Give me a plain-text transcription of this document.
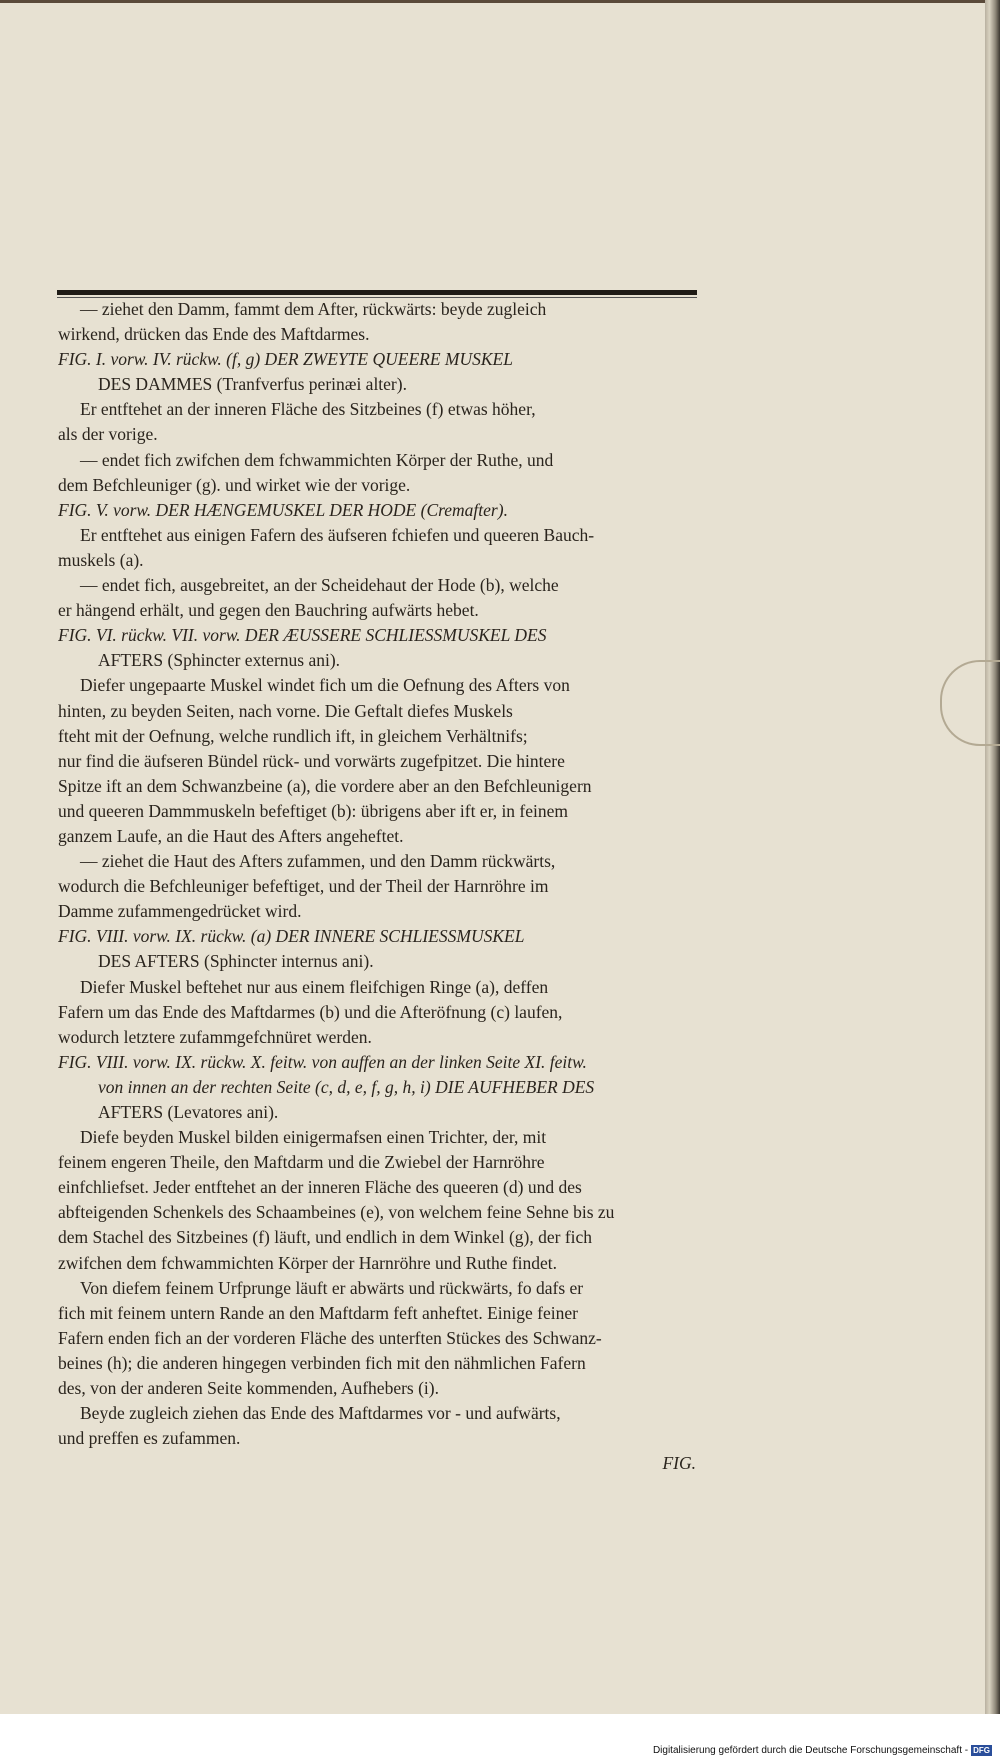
— ziehet den Damm, fammt dem After, rückwärts: beyde zugleich
wirkend, drücken das Ende des Maftdarmes.
FIG. I. vorw. IV. rückw. (f, g) DER ZWEYTE QUEERE MUSKEL
DES DAMMES (Tranfverfus perinæi alter).
Er entftehet an der inneren Fläche des Sitzbeines (f) etwas höher,
als der vorige.
— endet fich zwifchen dem fchwammichten Körper der Ruthe, und
dem Befchleuniger (g). und wirket wie der vorige.
FIG. V. vorw. DER HÆNGEMUSKEL DER HODE (Cremafter).
Er entftehet aus einigen Fafern des äufseren fchiefen und queeren Bauch-
muskels (a).
— endet fich, ausgebreitet, an der Scheidehaut der Hode (b), welche
er hängend erhält, und gegen den Bauchring aufwärts hebet.
FIG. VI. rückw. VII. vorw. DER ÆUSSERE SCHLIESSMUSKEL DES
AFTERS (Sphincter externus ani).
Diefer ungepaarte Muskel windet fich um die Oefnung des Afters von
hinten, zu beyden Seiten, nach vorne. Die Geftalt diefes Muskels
fteht mit der Oefnung, welche rundlich ift, in gleichem Verhältnifs;
nur find die äufseren Bündel rück- und vorwärts zugefpitzet. Die hintere
Spitze ift an dem Schwanzbeine (a), die vordere aber an den Befchleunigern
und queeren Dammmuskeln befeftiget (b): übrigens aber ift er, in feinem
ganzem Laufe, an die Haut des Afters angeheftet.
— ziehet die Haut des Afters zufammen, und den Damm rückwärts,
wodurch die Befchleuniger befeftiget, und der Theil der Harnröhre im
Damme zufammengedrücket wird.
FIG. VIII. vorw. IX. rückw. (a) DER INNERE SCHLIESSMUSKEL
DES AFTERS (Sphincter internus ani).
Diefer Muskel beftehet nur aus einem fleifchigen Ringe (a), deffen
Fafern um das Ende des Maftdarmes (b) und die Afteröfnung (c) laufen,
wodurch letztere zufammgefchnüret werden.
FIG. VIII. vorw. IX. rückw. X. feitw. von auffen an der linken Seite XI. feitw.
von innen an der rechten Seite (c, d, e, f, g, h, i) DIE AUFHEBER DES
AFTERS (Levatores ani).
Diefe beyden Muskel bilden einigermafsen einen Trichter, der, mit
feinem engeren Theile, den Maftdarm und die Zwiebel der Harnröhre
einfchliefset. Jeder entftehet an der inneren Fläche des queeren (d) und des
abfteigenden Schenkels des Schaambeines (e), von welchem feine Sehne bis zu
dem Stachel des Sitzbeines (f) läuft, und endlich in dem Winkel (g), der fich
zwifchen dem fchwammichten Körper der Harnröhre und Ruthe findet.
Von diefem feinem Urfprunge läuft er abwärts und rückwärts, fo dafs er
fich mit feinem untern Rande an den Maftdarm feft anheftet. Einige feiner
Fafern enden fich an der vorderen Fläche des unterften Stückes des Schwanz-
beines (h); die anderen hingegen verbinden fich mit den nähmlichen Fafern
des, von der anderen Seite kommenden, Aufhebers (i).
Beyde zugleich ziehen das Ende des Maftdarmes vor - und aufwärts,
und preffen es zufammen.
FIG.
Digitalisierung gefördert durch die Deutsche Forschungsgemeinschaft - DFG
